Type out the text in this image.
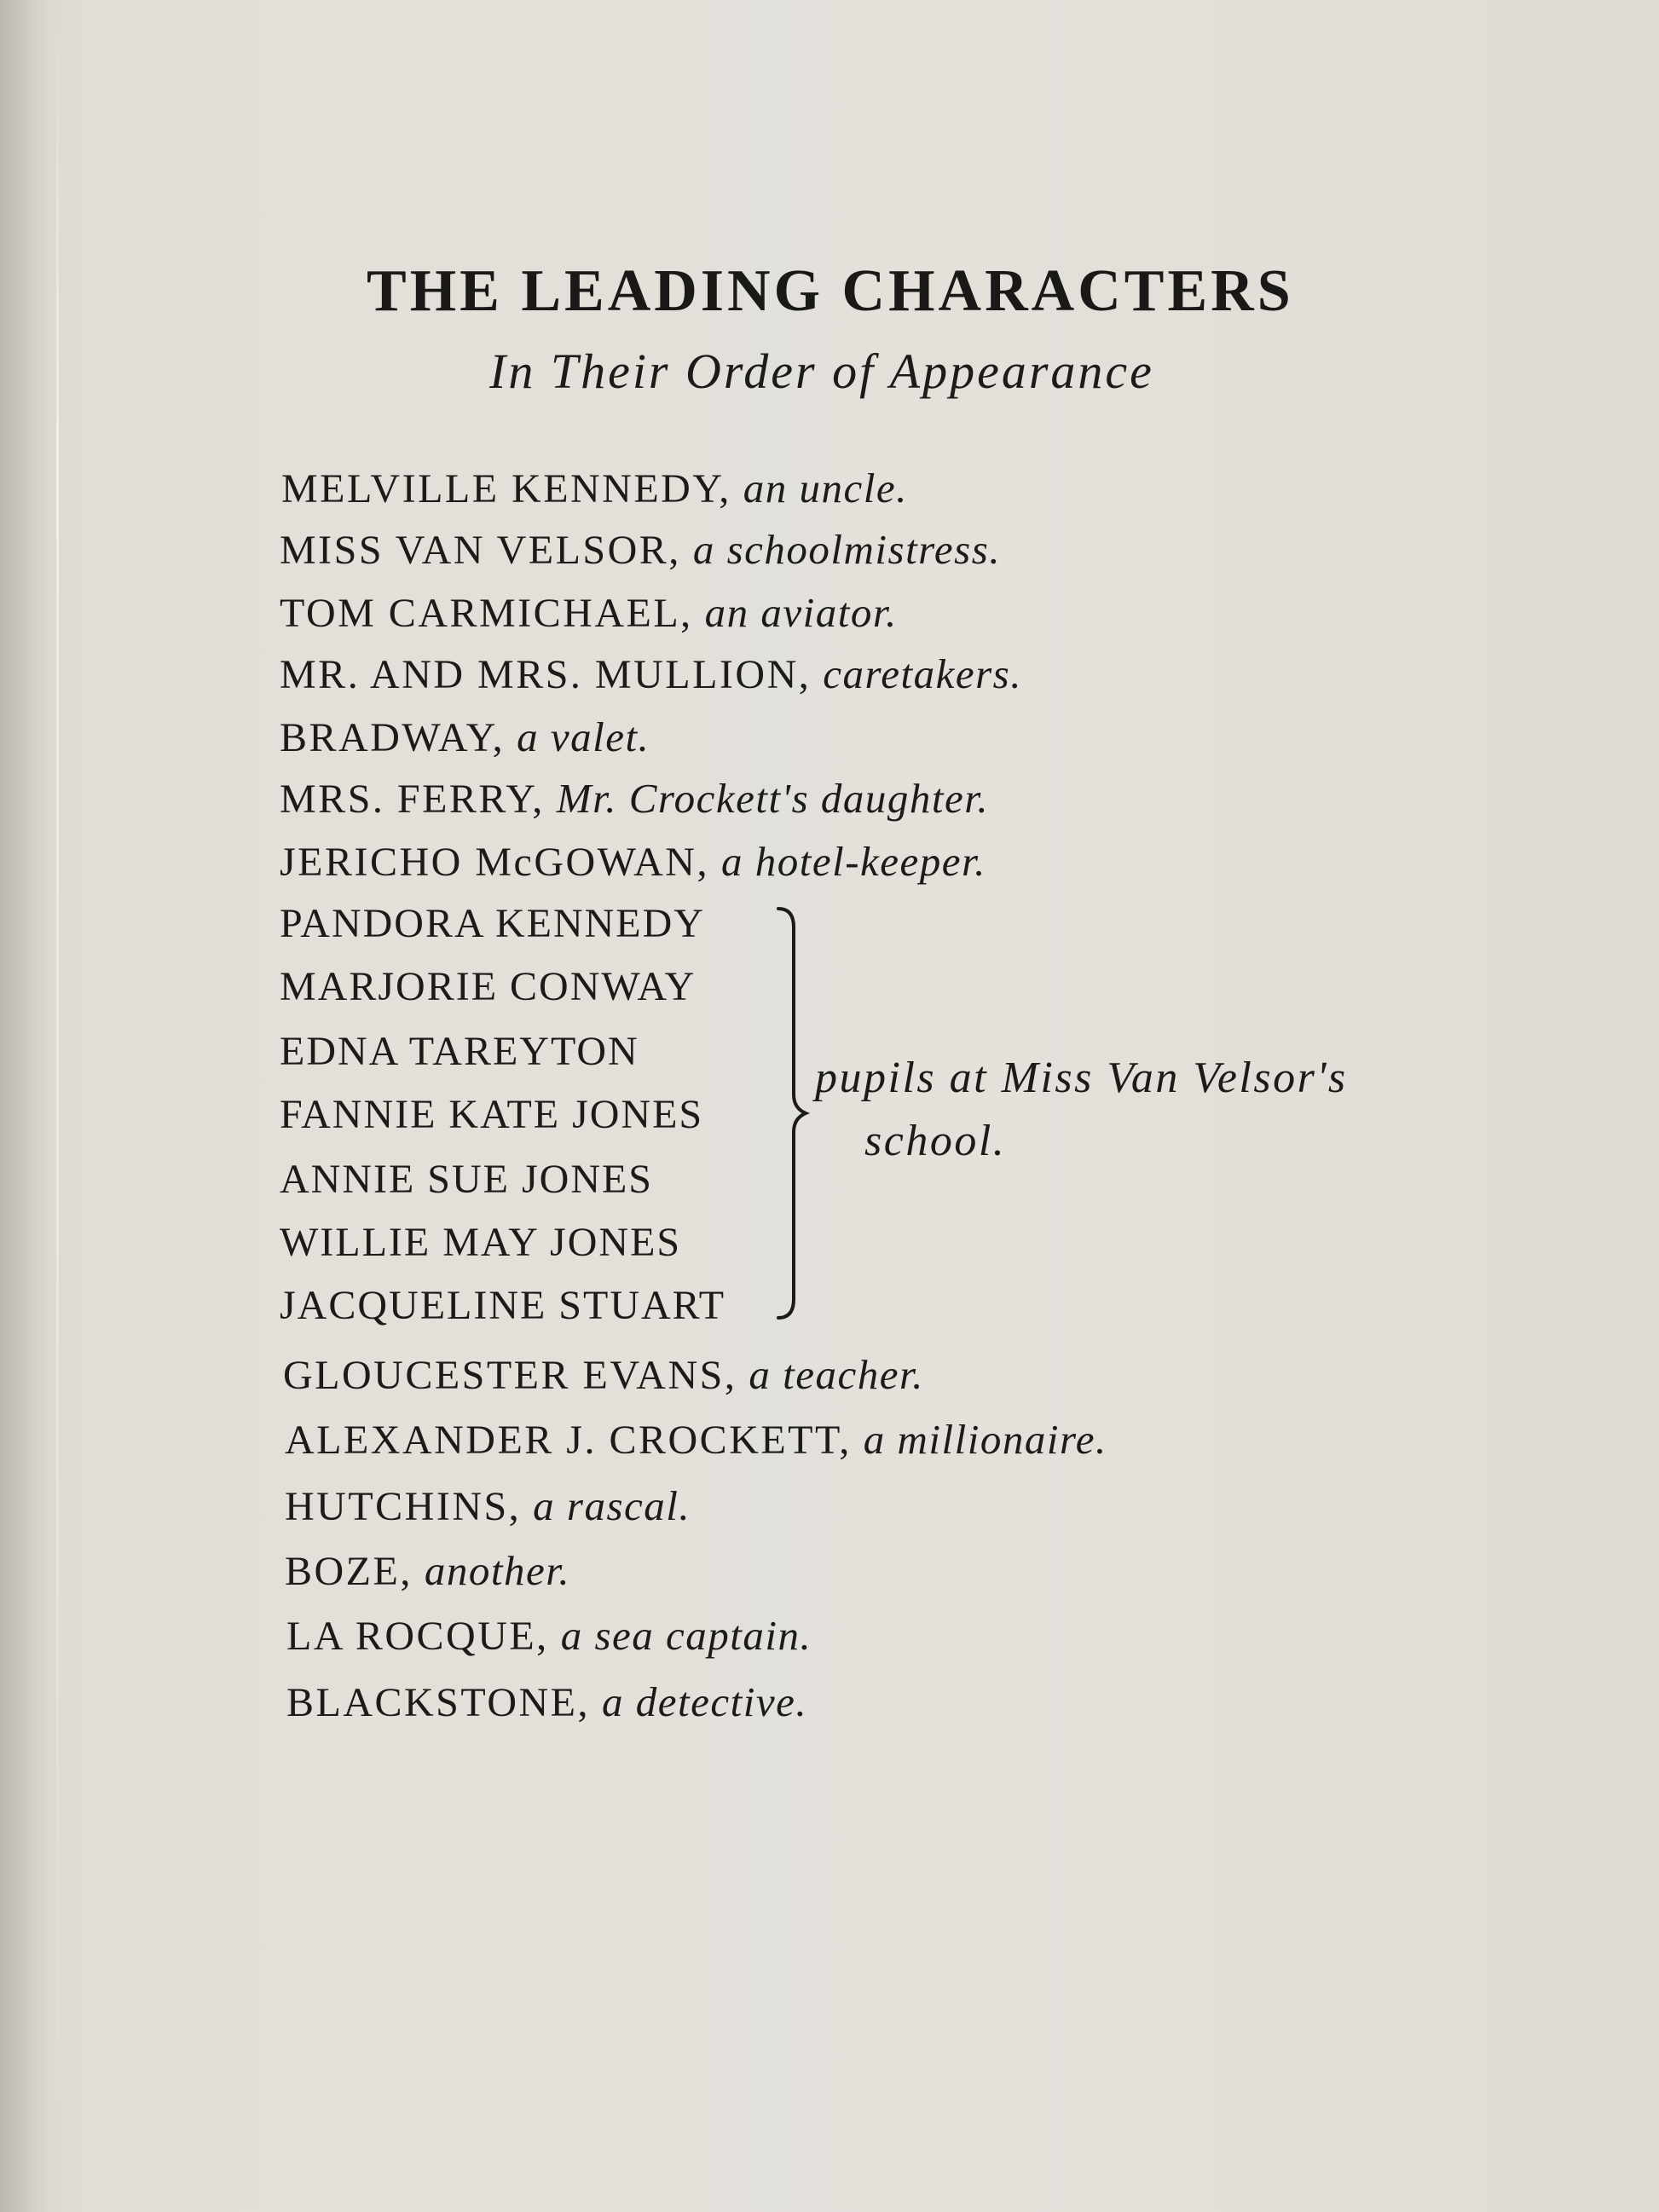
THE LEADING CHARACTERS
In Their Order of Appearance
MELVILLE KENNEDY, an uncle.
MISS VAN VELSOR, a schoolmistress.
TOM CARMICHAEL, an aviator.
MR. AND MRS. MULLION, caretakers.
BRADWAY, a valet.
MRS. FERRY, Mr. Crockett's daughter.
JERICHO McGOWAN, a hotel-keeper.
PANDORA KENNEDY
MARJORIE CONWAY
EDNA TAREYTON
FANNIE KATE JONES
ANNIE SUE JONES
WILLIE MAY JONES
JACQUELINE STUART
pupils at Miss Van Velsor's
school.
GLOUCESTER EVANS, a teacher.
ALEXANDER J. CROCKETT, a millionaire.
HUTCHINS, a rascal.
BOZE, another.
LA ROCQUE, a sea captain.
BLACKSTONE, a detective.
